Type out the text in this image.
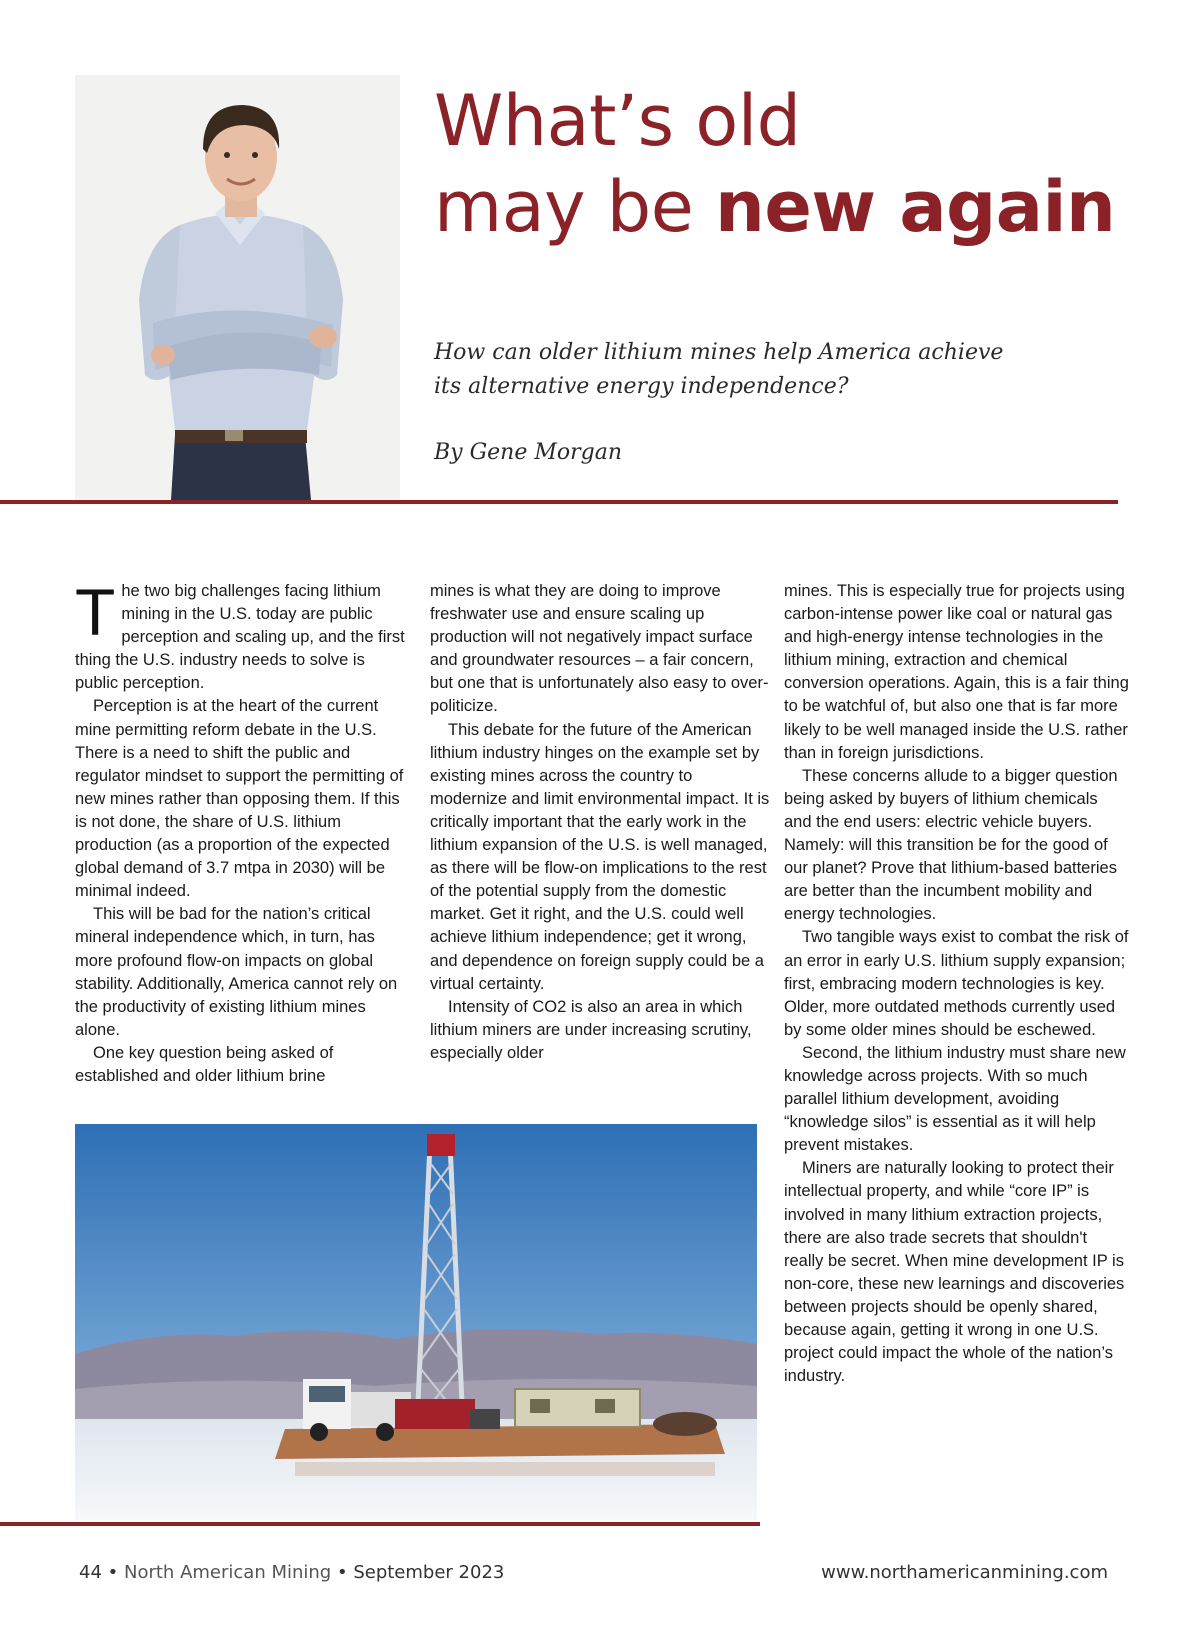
What’s old
may be new again

How can older lithium mines help America achieve
its alternative energy independence?

By Gene Morgan

The two big challenges facing lithium mining in the U.S. today are public perception and scaling up, and the first thing the U.S. industry needs to solve is public perception.

Perception is at the heart of the current mine permitting reform debate in the U.S. There is a need to shift the public and regulator mindset to support the permitting of new mines rather than opposing them. If this is not done, the share of U.S. lithium production (as a proportion of the expected global demand of 3.7 mtpa in 2030) will be minimal indeed.

This will be bad for the nation’s critical mineral independence which, in turn, has more profound flow-on impacts on global stability. Additionally, America cannot rely on the productivity of existing lithium mines alone.

One key question being asked of established and older lithium brine

mines is what they are doing to improve freshwater use and ensure scaling up production will not negatively impact surface and groundwater resources – a fair concern, but one that is unfortunately also easy to over-politicize.

This debate for the future of the American lithium industry hinges on the example set by existing mines across the country to modernize and limit environmental impact. It is critically important that the early work in the lithium expansion of the U.S. is well managed, as there will be flow-on implications to the rest of the potential supply from the domestic market. Get it right, and the U.S. could well achieve lithium independence; get it wrong, and dependence on foreign supply could be a virtual certainty.

Intensity of CO2 is also an area in which lithium miners are under increasing scrutiny, especially older

mines. This is especially true for projects using carbon-intense power like coal or natural gas and high-energy intense technologies in the lithium mining, extraction and chemical conversion operations. Again, this is a fair thing to be watchful of, but also one that is far more likely to be well managed inside the U.S. rather than in foreign jurisdictions.

These concerns allude to a bigger question being asked by buyers of lithium chemicals and the end users: electric vehicle buyers. Namely: will this transition be for the good of our planet? Prove that lithium-based batteries are better than the incumbent mobility and energy technologies.

Two tangible ways exist to combat the risk of an error in early U.S. lithium supply expansion; first, embracing modern technologies is key. Older, more outdated methods currently used by some older mines should be eschewed.

Second, the lithium industry must share new knowledge across projects. With so much parallel lithium development, avoiding “knowledge silos” is essential as it will help prevent mistakes.

Miners are naturally looking to protect their intellectual property, and while “core IP” is involved in many lithium extraction projects, there are also trade secrets that shouldn't really be secret. When mine development IP is non-core, these new learnings and discoveries between projects should be openly shared, because again, getting it wrong in one U.S. project could impact the whole of the nation’s industry.

44 • North American Mining • September 2023	www.northamericanmining.com
